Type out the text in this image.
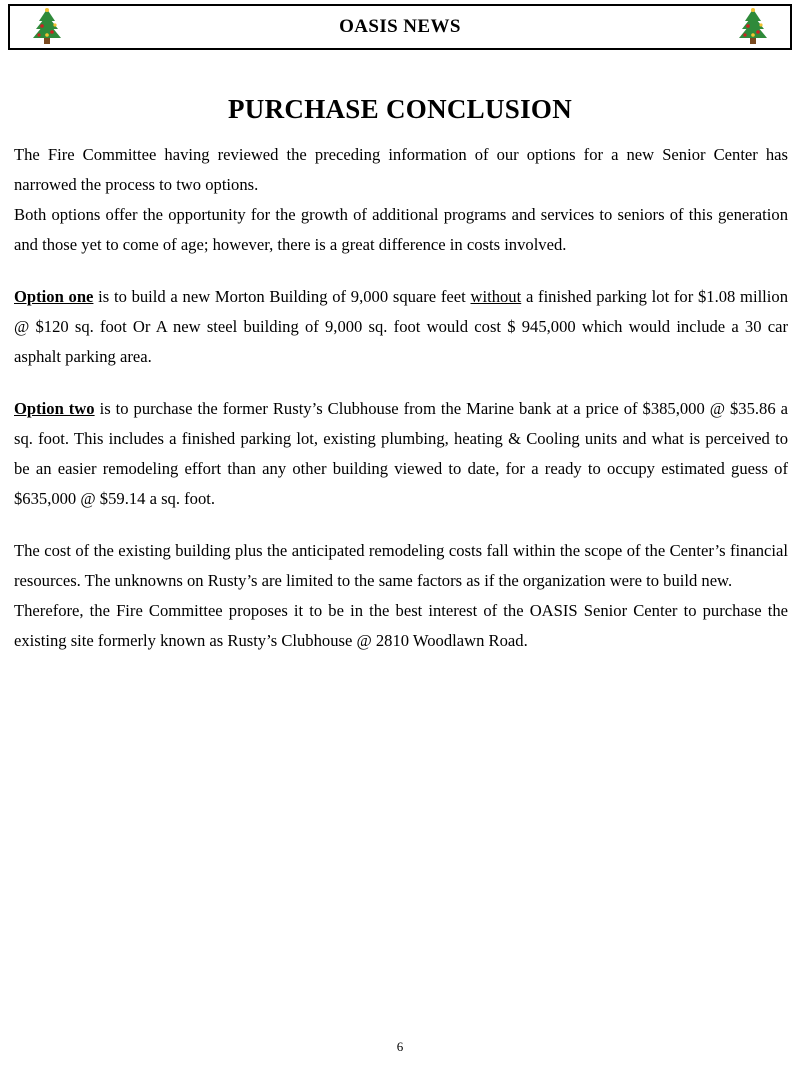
OASIS NEWS
PURCHASE CONCLUSION

The Fire Committee having reviewed the preceding information of our options for a new Senior Center has narrowed the process to two options.

Both options offer the opportunity for the growth of additional programs and services to seniors of this generation and those yet to come of age; however, there is a great difference in costs involved.

Option one is to build a new Morton Building of 9,000 square feet without a finished parking lot for $1.08 million @ $120 sq. foot Or A new steel building of 9,000 sq. foot would cost $ 945,000 which would include a 30 car asphalt parking area.

Option two is to purchase the former Rusty’s Clubhouse from the Marine bank at a price of $385,000 @ $35.86 a sq. foot. This includes a finished parking lot, existing plumbing, heating & Cooling units and what is perceived to be an easier remodeling effort than any other building viewed to date, for a ready to occupy estimated guess of $635,000 @ $59.14 a sq. foot.

The cost of the existing building plus the anticipated remodeling costs fall within the scope of the Center’s financial resources. The unknowns on Rusty’s are limited to the same factors as if the organization were to build new.

Therefore, the Fire Committee proposes it to be in the best interest of the OASIS Senior Center to purchase the existing site formerly known as Rusty’s Clubhouse @ 2810 Woodlawn Road.

6
